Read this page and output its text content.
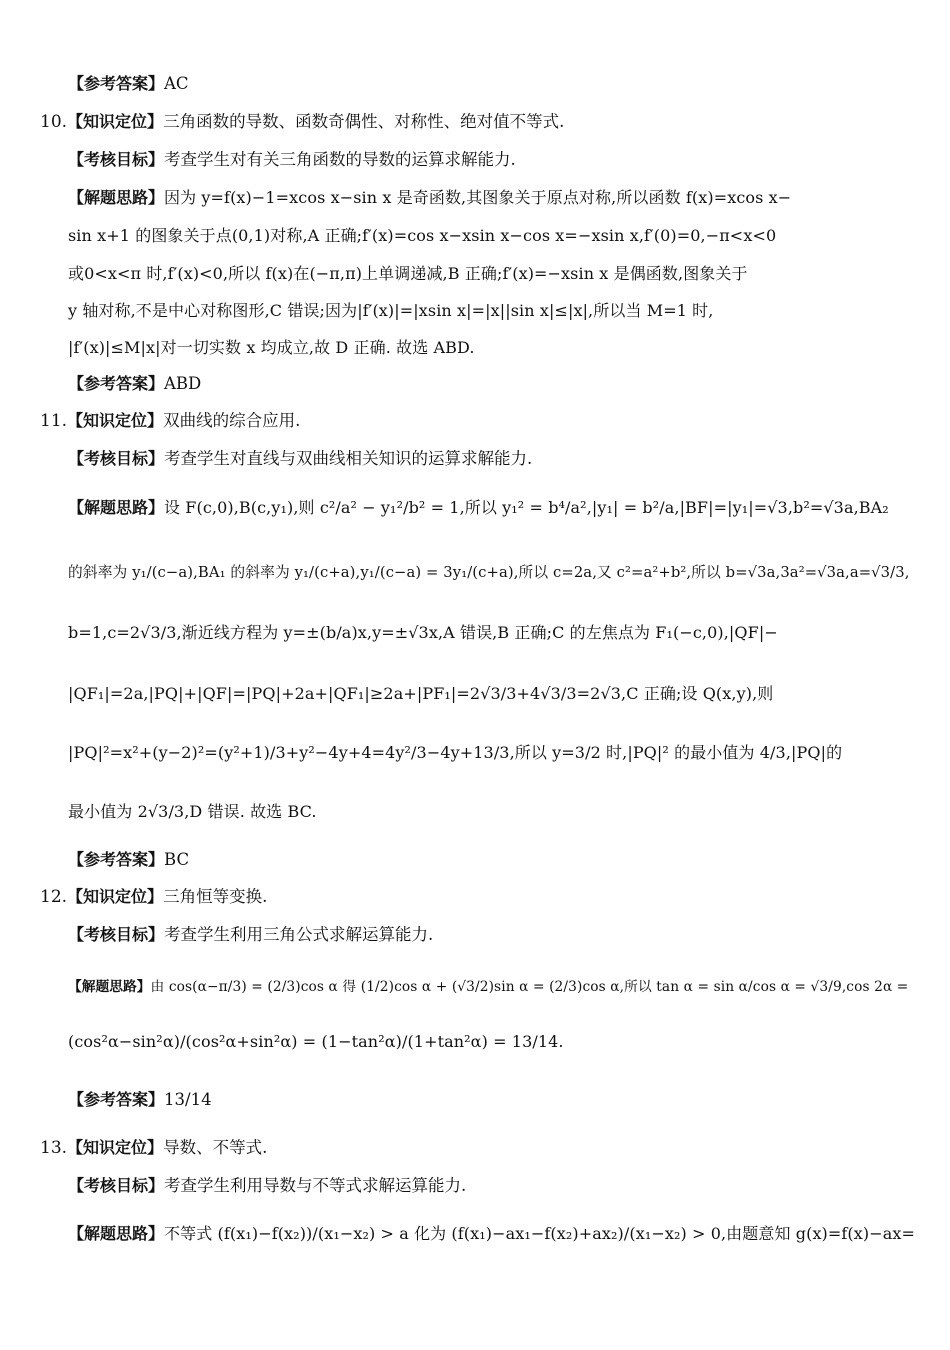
【参考答案】AC
10.【知识定位】三角函数的导数、函数奇偶性、对称性、绝对值不等式.
【考核目标】考查学生对有关三角函数的导数的运算求解能力.
【解题思路】因为 y=f(x)−1=xcos x−sin x 是奇函数,其图象关于原点对称,所以函数 f(x)=xcos x−
sin x+1 的图象关于点(0,1)对称,A 正确;f′(x)=cos x−xsin x−cos x=−xsin x,f′(0)=0,−π<x<0
或0<x<π 时,f′(x)<0,所以 f(x)在(−π,π)上单调递减,B 正确;f′(x)=−xsin x 是偶函数,图象关于
y 轴对称,不是中心对称图形,C 错误;因为|f′(x)|=|xsin x|=|x||sin x|≤|x|,所以当 M=1 时,
|f′(x)|≤M|x|对一切实数 x 均成立,故 D 正确. 故选 ABD.
【参考答案】ABD
11.【知识定位】双曲线的综合应用.
【考核目标】考查学生对直线与双曲线相关知识的运算求解能力.
【解题思路】设 F(c,0),B(c,y₁),则 c²/a² − y₁²/b² = 1,所以 y₁² = b⁴/a²,|y₁| = b²/a,|BF|=|y₁|=√3,b²=√3a,BA₂
的斜率为 y₁/(c−a),BA₁ 的斜率为 y₁/(c+a),y₁/(c−a) = 3y₁/(c+a),所以 c=2a,又 c²=a²+b²,所以 b=√3a,3a²=√3a,a=√3/3,
b=1,c=2√3/3,渐近线方程为 y=±(b/a)x,y=±√3x,A 错误,B 正确;C 的左焦点为 F₁(−c,0),|QF|−
|QF₁|=2a,|PQ|+|QF|=|PQ|+2a+|QF₁|≥2a+|PF₁|=2√3/3+4√3/3=2√3,C 正确;设 Q(x,y),则
|PQ|²=x²+(y−2)²=(y²+1)/3+y²−4y+4=4y²/3−4y+13/3,所以 y=3/2 时,|PQ|² 的最小值为 4/3,|PQ|的
最小值为 2√3/3,D 错误. 故选 BC.
【参考答案】BC
12.【知识定位】三角恒等变换.
【考核目标】考查学生利用三角公式求解运算能力.
【解题思路】由 cos(α−π/3) = (2/3)cos α 得 (1/2)cos α + (√3/2)sin α = (2/3)cos α,所以 tan α = sin α/cos α = √3/9,cos 2α =
(cos²α−sin²α)/(cos²α+sin²α) = (1−tan²α)/(1+tan²α) = 13/14.
【参考答案】13/14
13.【知识定位】导数、不等式.
【考核目标】考查学生利用导数与不等式求解运算能力.
【解题思路】不等式 (f(x₁)−f(x₂))/(x₁−x₂) > a 化为 (f(x₁)−ax₁−f(x₂)+ax₂)/(x₁−x₂) > 0,由题意知 g(x)=f(x)−ax=
